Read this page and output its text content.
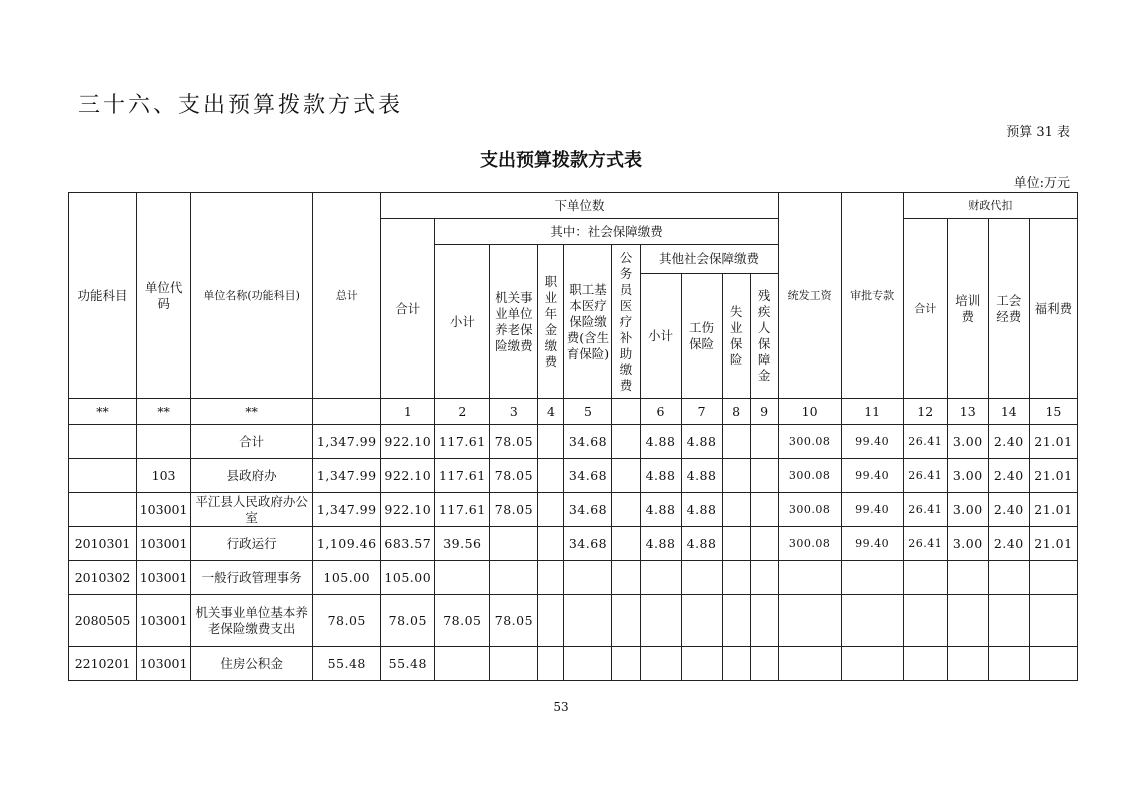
三十六、支出预算拨款方式表
预算 31 表
支出预算拨款方式表
单位:万元
功能科目	单位代码	单位名称(功能科目)	总计	下单位数										统发工资	审批专款	财政代扣			
				合计	其中：社会保障缴费											合计	培训费	工会经费	福利费
					小计	机关事业单位养老保险缴费	职业年金缴费	职工基本医疗保险缴费(含生育保险)	公务员医疗补助缴费	其他社会保障缴费									
										小计	工伤保险	失业保险	残疾人保障金						
**	**	**		1	2	3	4	5		6	7	8	9	10	11	12	13	14	15
		合计	1,347.99	922.10	117.61	78.05		34.68		4.88	4.88			300.08	99.40	26.41	3.00	2.40	21.01
	103	县政府办	1,347.99	922.10	117.61	78.05		34.68		4.88	4.88			300.08	99.40	26.41	3.00	2.40	21.01
	103001	平江县人民政府办公室	1,347.99	922.10	117.61	78.05		34.68		4.88	4.88			300.08	99.40	26.41	3.00	2.40	21.01
2010301	103001	行政运行	1,109.46	683.57	39.56			34.68		4.88	4.88			300.08	99.40	26.41	3.00	2.40	21.01
2010302	103001	一般行政管理事务	105.00	105.00															
2080505	103001	机关事业单位基本养老保险缴费支出	78.05	78.05	78.05	78.05													
2210201	103001	住房公积金	55.48	55.48															
53
